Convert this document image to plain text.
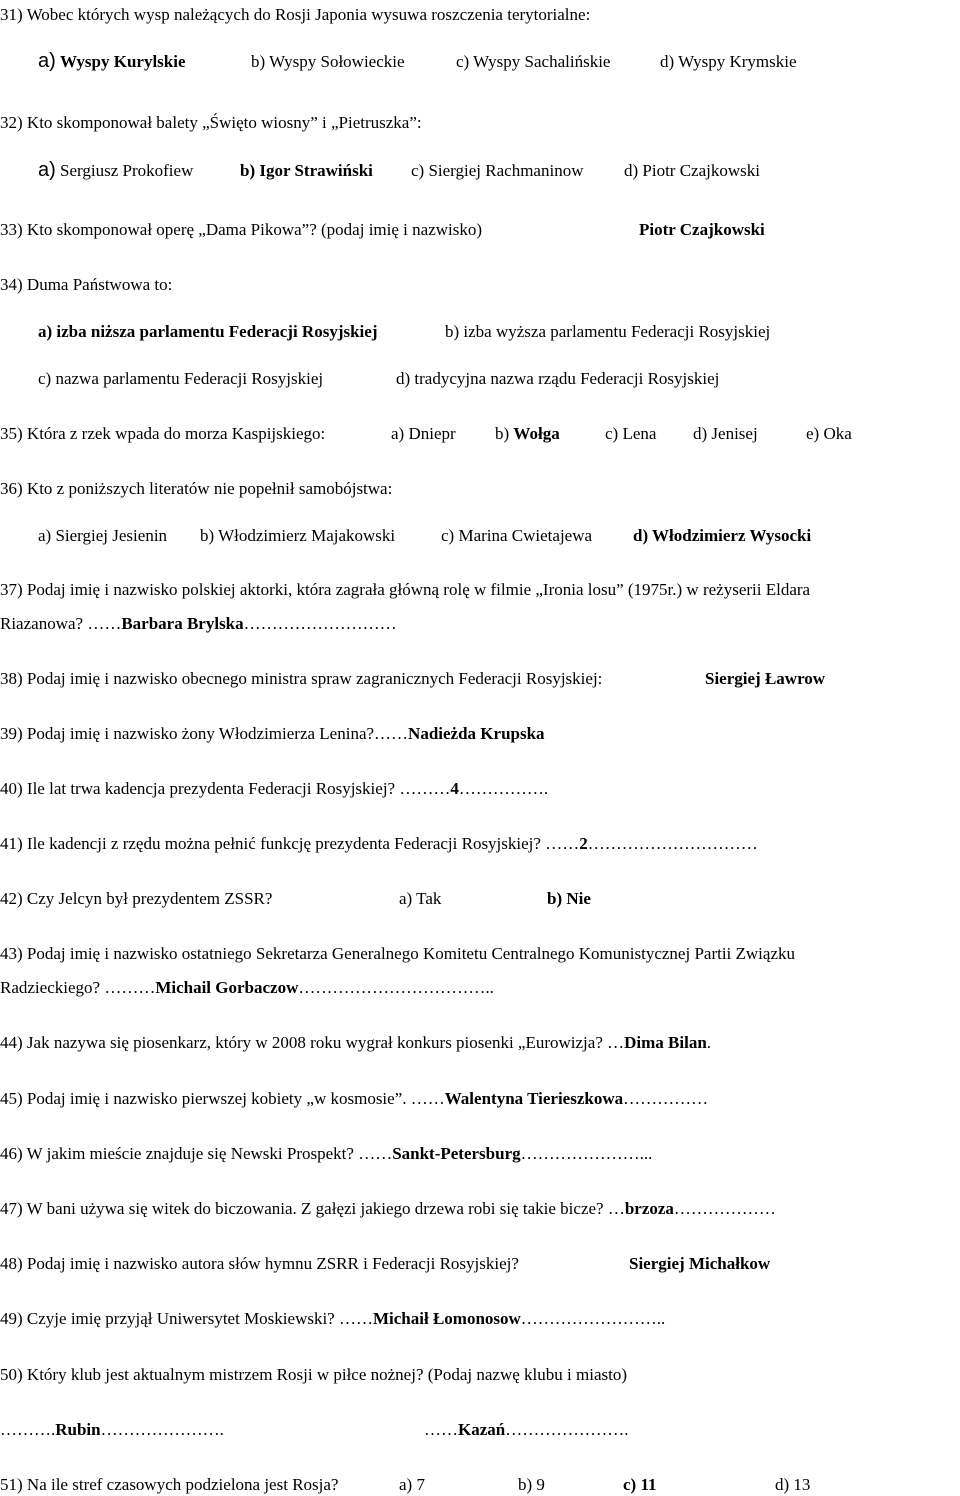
31) Wobec których wysp należących do Rosji Japonia wysuwa roszczenia terytorialne:
a) Wyspy Kurylskie	b) Wyspy Sołowieckie	c) Wyspy Sachalińskie	d) Wyspy Krymskie
32) Kto skomponował balety „Święto wiosny” i „Pietruszka”:
a) Sergiusz Prokofiew	b) Igor Strawiński c) Siergiej Rachmaninow d) Piotr Czajkowski
33) Kto skomponował operę „Dama Pikowa”? (podaj imię i nazwisko)	Piotr Czajkowski
34) Duma Państwowa to:
a) izba niższa parlamentu Federacji Rosyjskiej	b) izba wyższa parlamentu Federacji Rosyjskiej
c) nazwa parlamentu Federacji Rosyjskiej	d) tradycyjna nazwa rządu Federacji Rosyjskiej
35) Która z rzek wpada do morza Kaspijskiego:	a) Dniepr b) Wołga	c) Lena d) Jenisej	e) Oka
36) Kto z poniższych literatów nie popełnił samobójstwa:
a) Siergiej Jesienin b) Włodzimierz Majakowski	c) Marina Cwietajewa d) Włodzimierz Wysocki
37) Podaj imię i nazwisko polskiej aktorki, która zagrała główną rolę w filmie „Ironia losu” (1975r.) w reżyserii Eldara
Riazanowa? ……Barbara Brylska………………………
38) Podaj imię i nazwisko obecnego ministra spraw zagranicznych Federacji Rosyjskiej:	Siergiej Ławrow
39) Podaj imię i nazwisko żony Włodzimierza Lenina?……Nadieżda Krupska
40) Ile lat trwa kadencja prezydenta Federacji Rosyjskiej? ………4…………….
41) Ile kadencji z rzędu można pełnić funkcję prezydenta Federacji Rosyjskiej? ……2…………………………
42) Czy Jelcyn był prezydentem ZSSR?	a) Tak	b) Nie
43) Podaj imię i nazwisko ostatniego Sekretarza Generalnego Komitetu Centralnego Komunistycznej Partii Związku
Radzieckiego? ………Michail Gorbaczow……………………………..
44) Jak nazywa się piosenkarz, który w 2008 roku wygrał konkurs piosenki „Eurowizja? …Dima Bilan.
45) Podaj imię i nazwisko pierwszej kobiety „w kosmosie”. ……Walentyna Tierieszkowa……………
46) W jakim mieście znajduje się Newski Prospekt? ……Sankt-Petersburg…………………...
47) W bani używa się witek do biczowania. Z gałęzi jakiego drzewa robi się takie bicze? …brzoza………………
48) Podaj imię i nazwisko autora słów hymnu ZSRR i Federacji Rosyjskiej?	Siergiej Michałkow
49) Czyje imię przyjął Uniwersytet Moskiewski? ……Michaił Łomonosow……………………..
50) Który klub jest aktualnym mistrzem Rosji w piłce nożnej? (Podaj nazwę klubu i miasto)
……….Rubin………………….	……Kazań………………….
51) Na ile stref czasowych podzielona jest Rosja?	a) 7	b) 9	c) 11	d) 13
